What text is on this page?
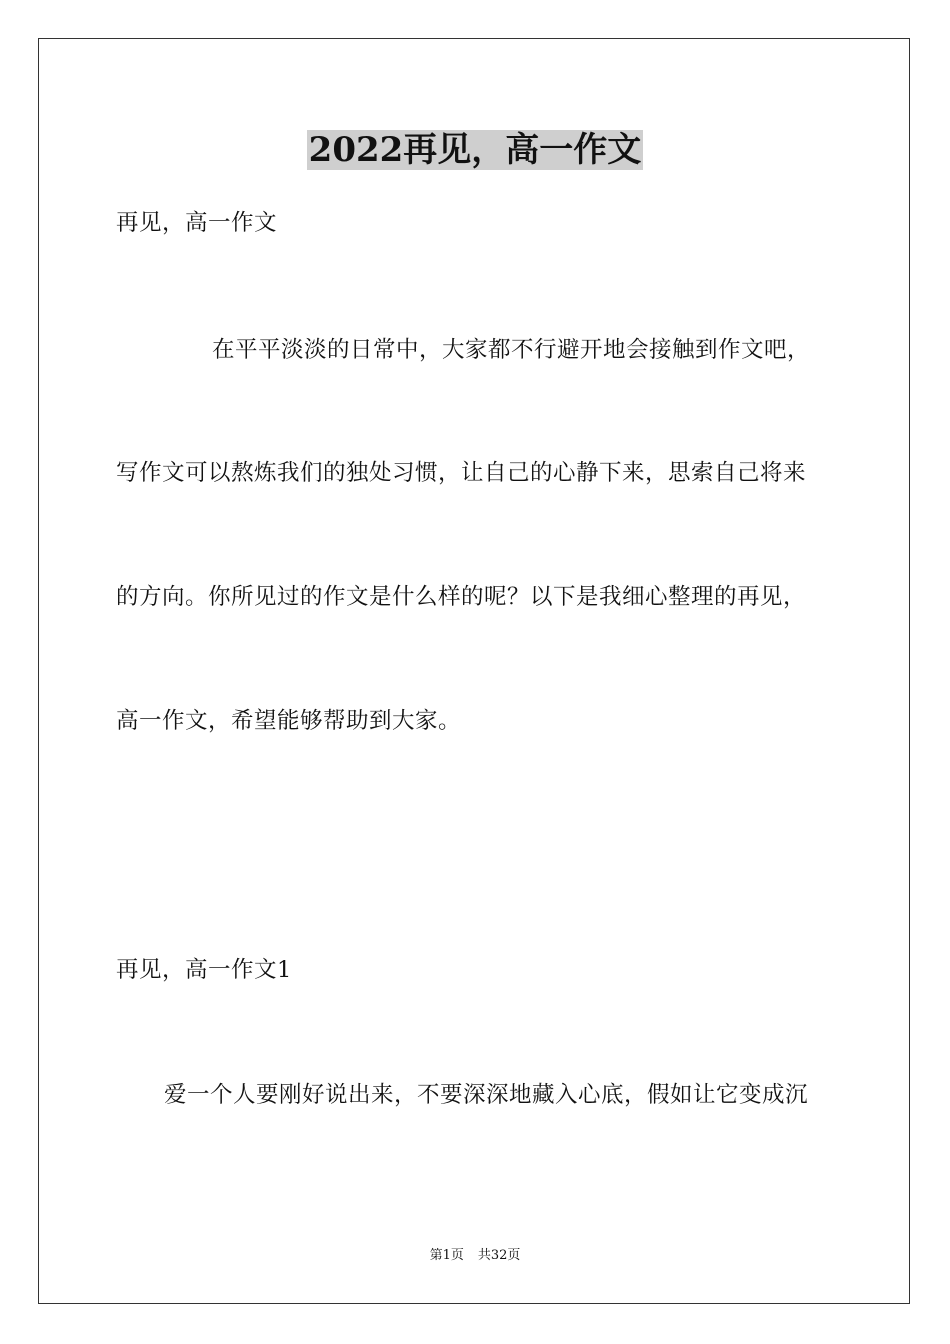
2022再见，高一作文
再见，高一作文
在平平淡淡的日常中，大家都不行避开地会接触到作文吧，
写作文可以熬炼我们的独处习惯，让自己的心静下来，思索自己将来
的方向。你所见过的作文是什么样的呢？以下是我细心整理的再见，
高一作文，希望能够帮助到大家。
再见，高一作文1
爱一个人要刚好说出来，不要深深地藏入心底，假如让它变成沉
第1页 共32页
